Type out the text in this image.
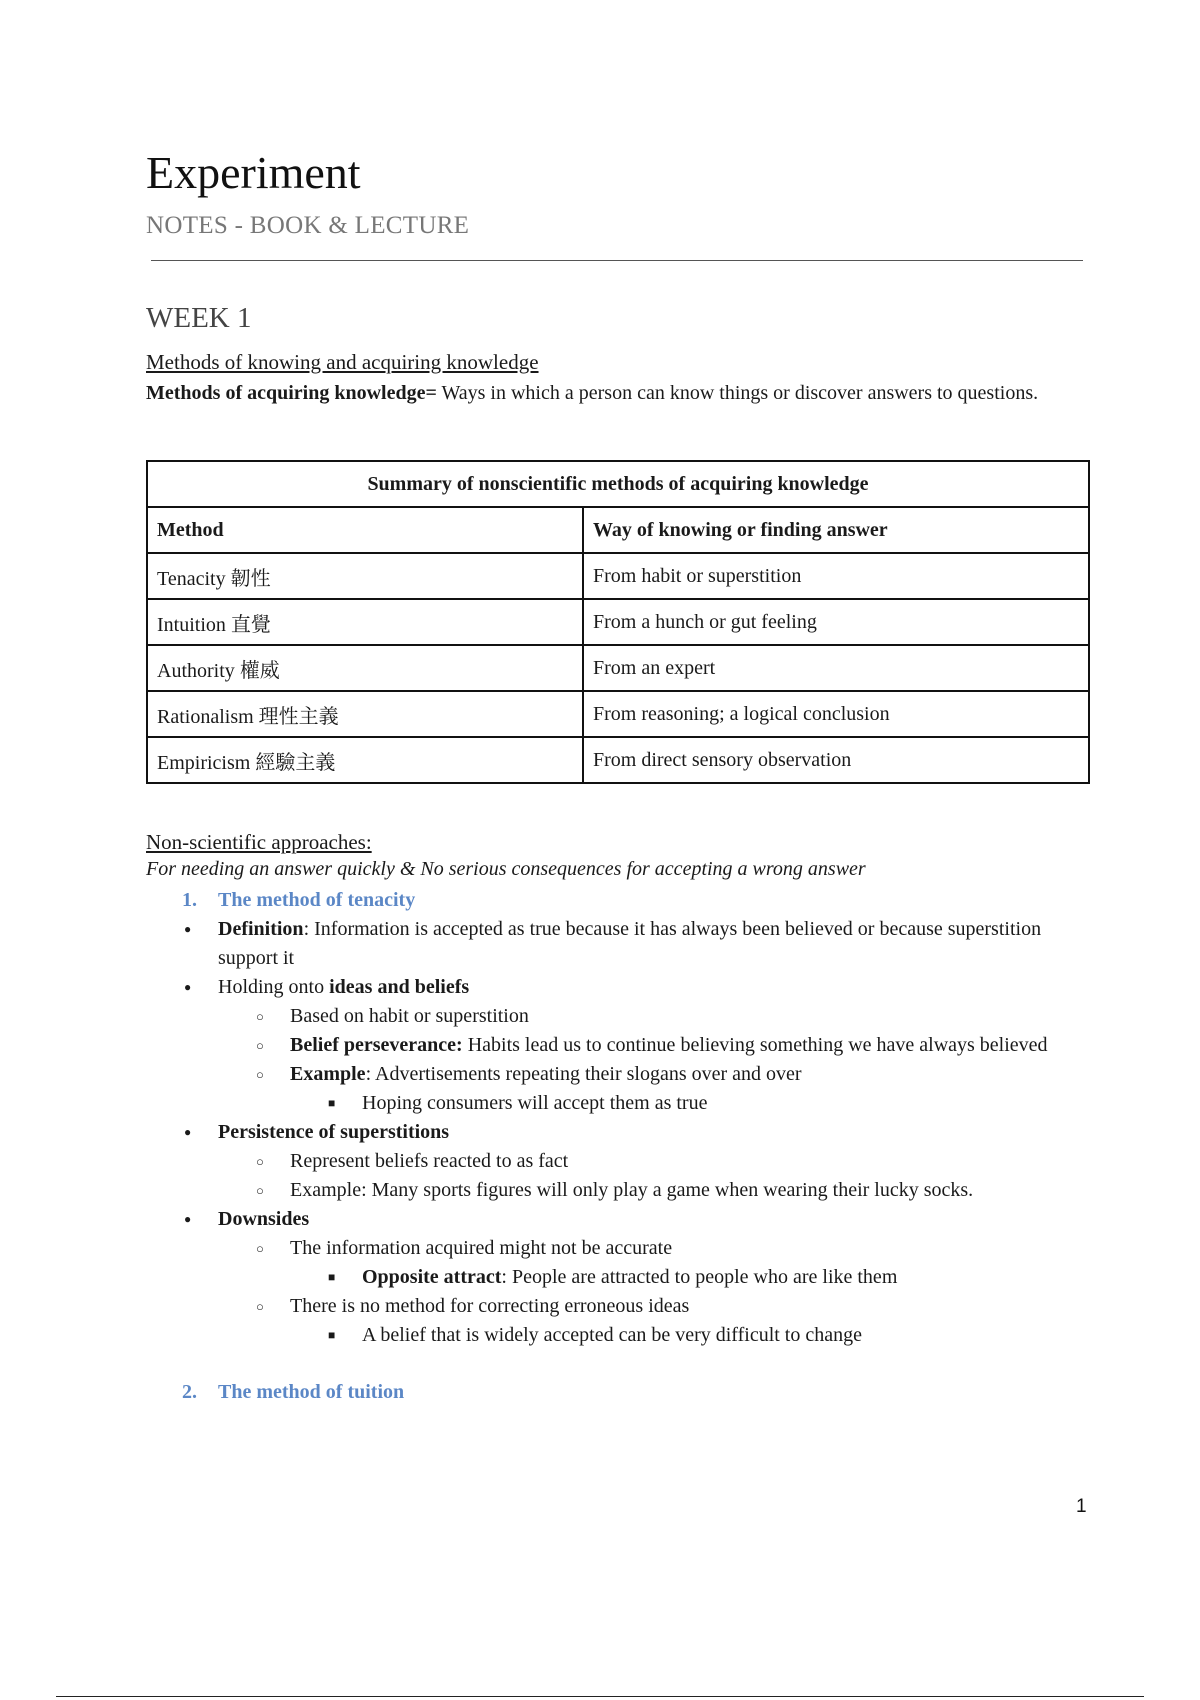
Experiment
NOTES - BOOK & LECTURE
WEEK 1
Methods of knowing and acquiring knowledge
Methods of acquiring knowledge= Ways in which a person can know things or discover answers to questions.
Summary of nonscientific methods of acquiring knowledge	
Method	Way of knowing or finding answer
Tenacity 韌性	From habit or superstition
Intuition 直覺	From a hunch or gut feeling
Authority 權威	From an expert
Rationalism 理性主義	From reasoning; a logical conclusion
Empiricism 經驗主義	From direct sensory observation
Non-scientific approaches:
For needing an answer quickly & No serious consequences for accepting a wrong answer
1. The method of tenacity
● Definition: Information is accepted as true because it has always been believed or because superstition support it
● Holding onto ideas and beliefs
○ Based on habit or superstition
○ Belief perseverance: Habits lead us to continue believing something we have always believed
○ Example: Advertisements repeating their slogans over and over
■ Hoping consumers will accept them as true
● Persistence of superstitions
○ Represent beliefs reacted to as fact
○ Example: Many sports figures will only play a game when wearing their lucky socks.
● Downsides
○ The information acquired might not be accurate
■ Opposite attract: People are attracted to people who are like them
○ There is no method for correcting erroneous ideas
■ A belief that is widely accepted can be very difficult to change
2. The method of tuition
1
